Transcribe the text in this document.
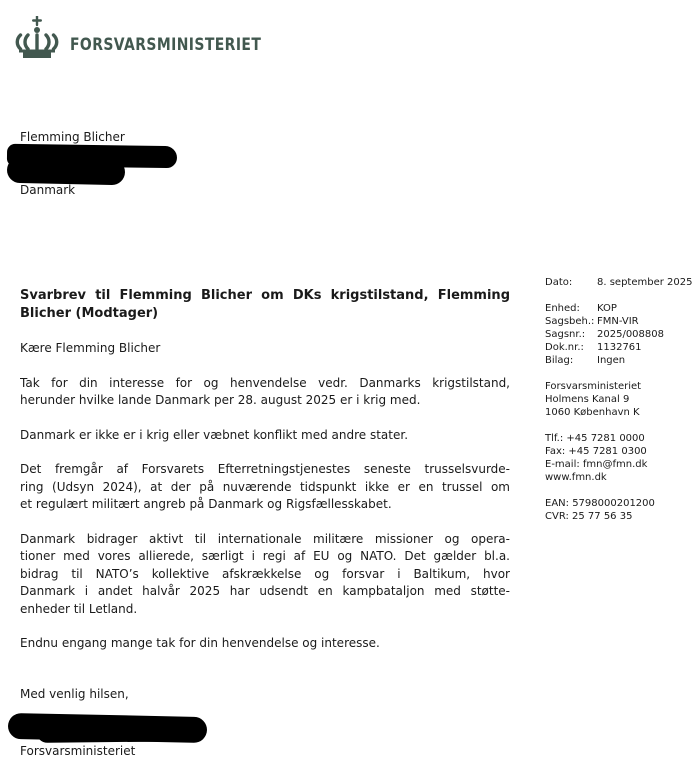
FORSVARSMINISTERIET
Flemming Blicher
Danmark
Svarbrev til Flemming Blicher om DKs krigstilstand, Flemming
Blicher (Modtager)
Kære Flemming Blicher
Tak for din interesse for og henvendelse vedr. Danmarks krigstilstand,
herunder hvilke lande Danmark per 28. august 2025 er i krig med.
Danmark er ikke er i krig eller væbnet konflikt med andre stater.
Det fremgår af Forsvarets Efterretningstjenestes seneste trusselsvurde-
ring (Udsyn 2024), at der på nuværende tidspunkt ikke er en trussel om
et regulært militært angreb på Danmark og Rigsfællesskabet.
Danmark bidrager aktivt til internationale militære missioner og opera-
tioner med vores allierede, særligt i regi af EU og NATO. Det gælder bl.a.
bidrag til NATO’s kollektive afskrækkelse og forsvar i Baltikum, hvor
Danmark i andet halvår 2025 har udsendt en kampbataljon med støtte-
enheder til Letland.
Endnu engang mange tak for din henvendelse og interesse.
Med venlig hilsen,
Forsvarsministeriet
Dato:	8. september 2025
Enhed:	KOP
Sagsbeh.: FMN-VIR
Sagsnr.:	2025/008808
Dok.nr.:	1132761
Bilag:	Ingen
Forsvarsministeriet
Holmens Kanal 9
1060 København K
Tlf.: +45 7281 0000
Fax: +45 7281 0300
E-mail: fmn@fmn.dk
www.fmn.dk
EAN: 5798000201200
CVR: 25 77 56 35
